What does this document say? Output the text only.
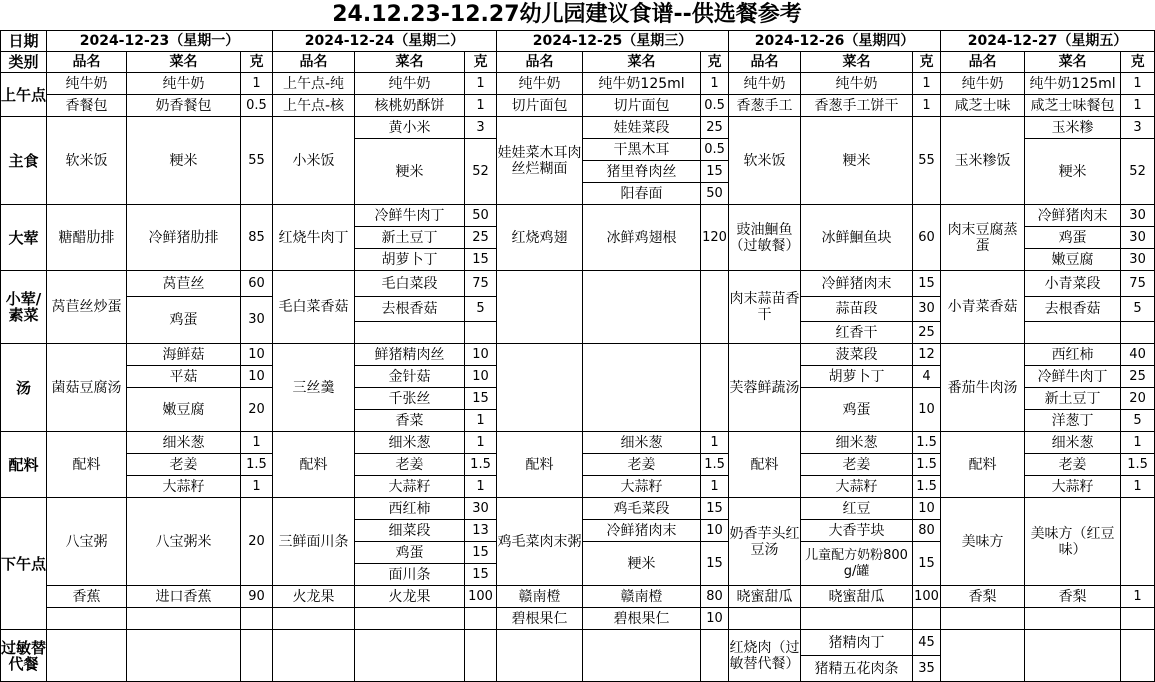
24.12.23-12.27幼儿园建议食谱--供选餐参考
日期	2024-12-23（星期一）			2024-12-24（星期二）			2024-12-25（星期三）			2024-12-26（星期四）			2024-12-27（星期五）		
类别	品名	菜名	克	品名	菜名	克	品名	菜名	克	品名	菜名	克	品名	菜名	克
上午点	纯牛奶	纯牛奶	1	上午点-纯	纯牛奶	1	纯牛奶	纯牛奶125ml	1	纯牛奶	纯牛奶	1	纯牛奶	纯牛奶125ml	1
	香餐包	奶香餐包	0.5	上午点-核	核桃奶酥饼	1	切片面包	切片面包	0.5	香葱手工	香葱手工饼干	1	咸芝士味	咸芝士味餐包	1
主食	软米饭	粳米	55	小米饭	黄小米	3	娃娃菜木耳肉丝烂糊面	娃娃菜段	25	软米饭	粳米	55	玉米糁饭	玉米糁	3
					粳米	52		干黑木耳	0.5					粳米	52
								猪里脊肉丝	15						
								阳春面	50						
大荤	糖醋肋排	冷鲜猪肋排	85	红烧牛肉丁	冷鲜牛肉丁	50	红烧鸡翅	冰鲜鸡翅根	120	豉油鮰鱼（过敏餐）	冰鲜鮰鱼块	60	肉末豆腐蒸蛋	冷鲜猪肉末	30
					新土豆丁	25								鸡蛋	30
					胡萝卜丁	15								嫩豆腐	30
小荤/素菜	莴苣丝炒蛋	莴苣丝	60	毛白菜香菇	毛白菜段	75				肉末蒜苗香干	冷鲜猪肉末	15	小青菜香菇	小青菜段	75
		鸡蛋	30		去根香菇	5					蒜苗段	30		去根香菇	5
											红香干	25			
汤	菌菇豆腐汤	海鲜菇	10	三丝羹	鲜猪精肉丝	10				芙蓉鲜蔬汤	菠菜段	12	番茄牛肉汤	西红柿	40
		平菇	10		金针菇	10					胡萝卜丁	4		冷鲜牛肉丁	25
		嫩豆腐	20		千张丝	15					鸡蛋	10		新土豆丁	20
					香菜	1								洋葱丁	5
配料	配料	细米葱	1	配料	细米葱	1	配料	细米葱	1	配料	细米葱	1.5	配料	细米葱	1
		老姜	1.5		老姜	1.5		老姜	1.5		老姜	1.5		老姜	1.5
		大蒜籽	1		大蒜籽	1		大蒜籽	1		大蒜籽	1.5		大蒜籽	1
下午点	八宝粥	八宝粥米	20	三鲜面川条	西红柿	30	鸡毛菜肉末粥	鸡毛菜段	15	奶香芋头红豆汤	红豆	10	美味方	美味方（红豆味）	
					细菜段	13		冷鲜猪肉末	10		大香芋块	80			
					鸡蛋	15		粳米	15		儿童配方奶粉800g/罐	15			
					面川条	15									
	香蕉	进口香蕉	90	火龙果	火龙果	100	赣南橙	赣南橙	80	晓蜜甜瓜	晓蜜甜瓜	100	香梨	香梨	1
							碧根果仁	碧根果仁	10						
过敏替代餐										红烧肉（过敏替代餐）	猪精肉丁	45			
											猪精五花肉条	35			
